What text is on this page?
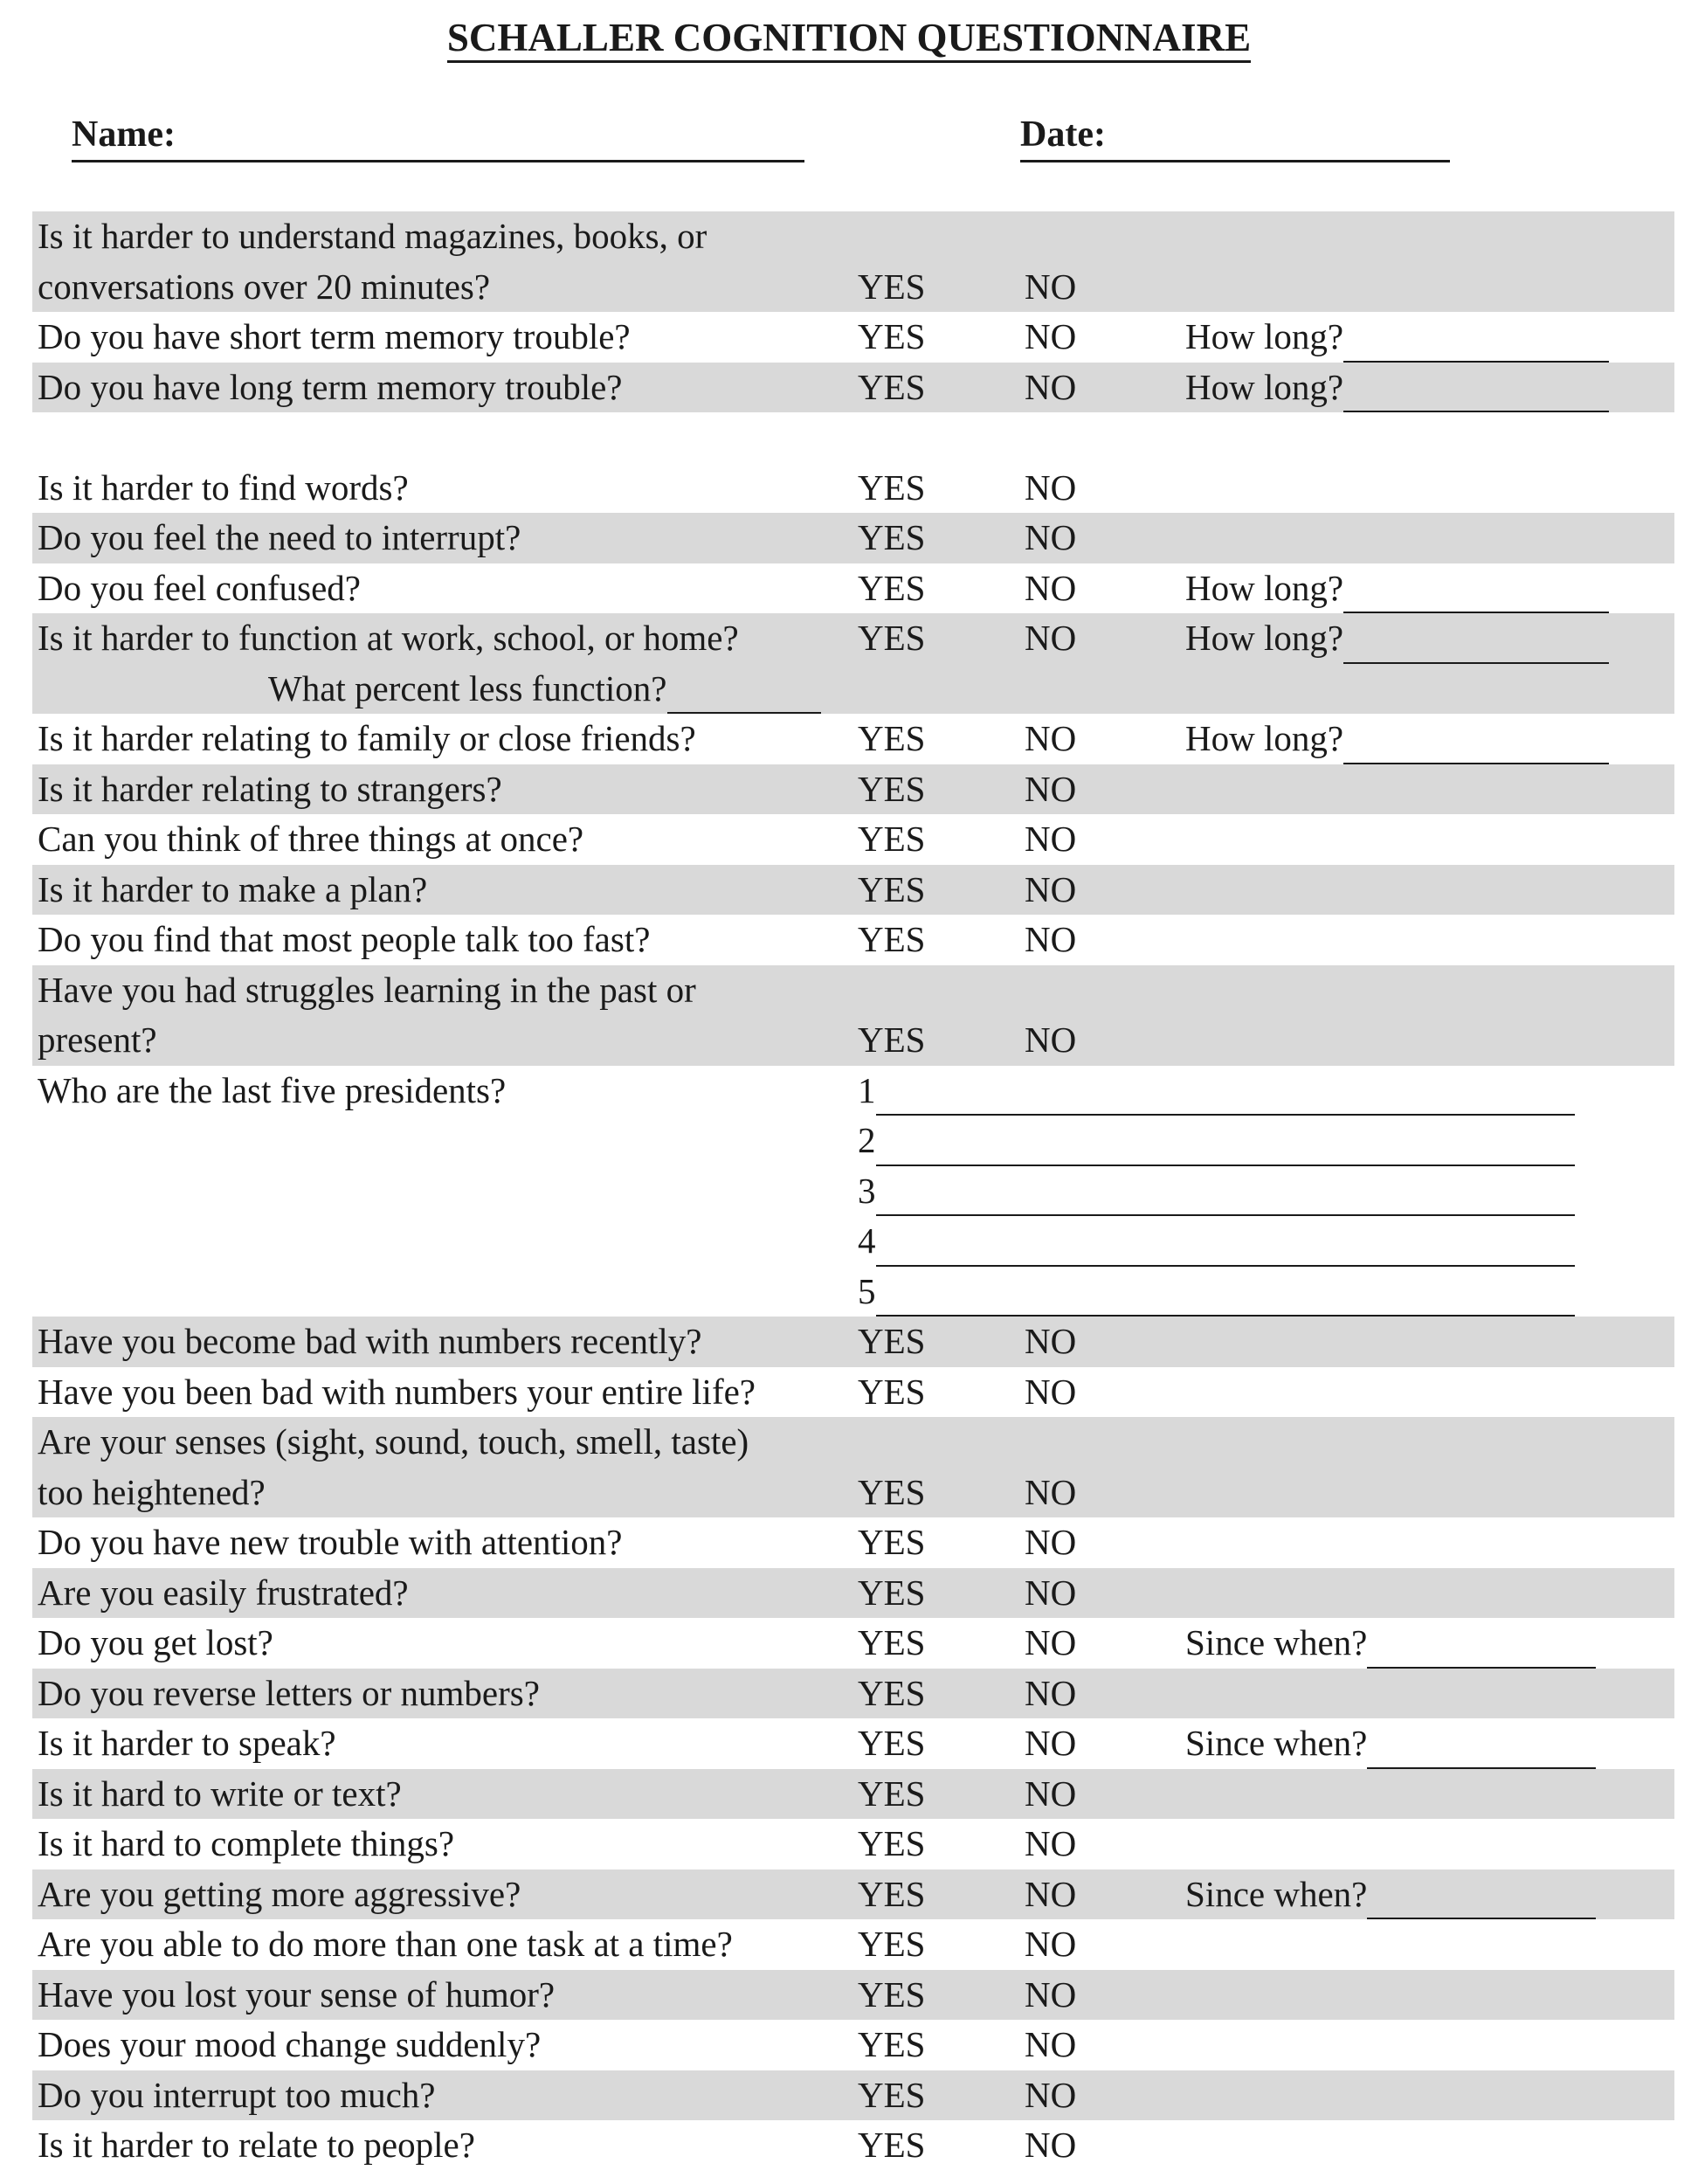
SCHALLER COGNITION QUESTIONNAIRE
Name:	Date:
Is it harder to understand magazines, books, or
conversations over 20 minutes?	YES	NO
Do you have short term memory trouble?	YES	NO	How long?
Do you have long term memory trouble?	YES	NO	How long?
Is it harder to find words?	YES	NO
Do you feel the need to interrupt?	YES	NO
Do you feel confused?	YES	NO	How long?
Is it harder to function at work, school, or home?	YES	NO	How long?
What percent less function?
Is it harder relating to family or close friends?	YES	NO	How long?
Is it harder relating to strangers?	YES	NO
Can you think of three things at once?	YES	NO
Is it harder to make a plan?	YES	NO
Do you find that most people talk too fast?	YES	NO
Have you had struggles learning in the past or
present?	YES	NO
Who are the last five presidents?	1
2
3
4
5
Have you become bad with numbers recently?	YES	NO
Have you been bad with numbers your entire life?	YES	NO
Are your senses (sight, sound, touch, smell, taste)
too heightened?	YES	NO
Do you have new trouble with attention?	YES	NO
Are you easily frustrated?	YES	NO
Do you get lost?	YES	NO	Since when?
Do you reverse letters or numbers?	YES	NO
Is it harder to speak?	YES	NO	Since when?
Is it hard to write or text?	YES	NO
Is it hard to complete things?	YES	NO
Are you getting more aggressive?	YES	NO	Since when?
Are you able to do more than one task at a time?	YES	NO
Have you lost your sense of humor?	YES	NO
Does your mood change suddenly?	YES	NO
Do you interrupt too much?	YES	NO
Is it harder to relate to people?	YES	NO
